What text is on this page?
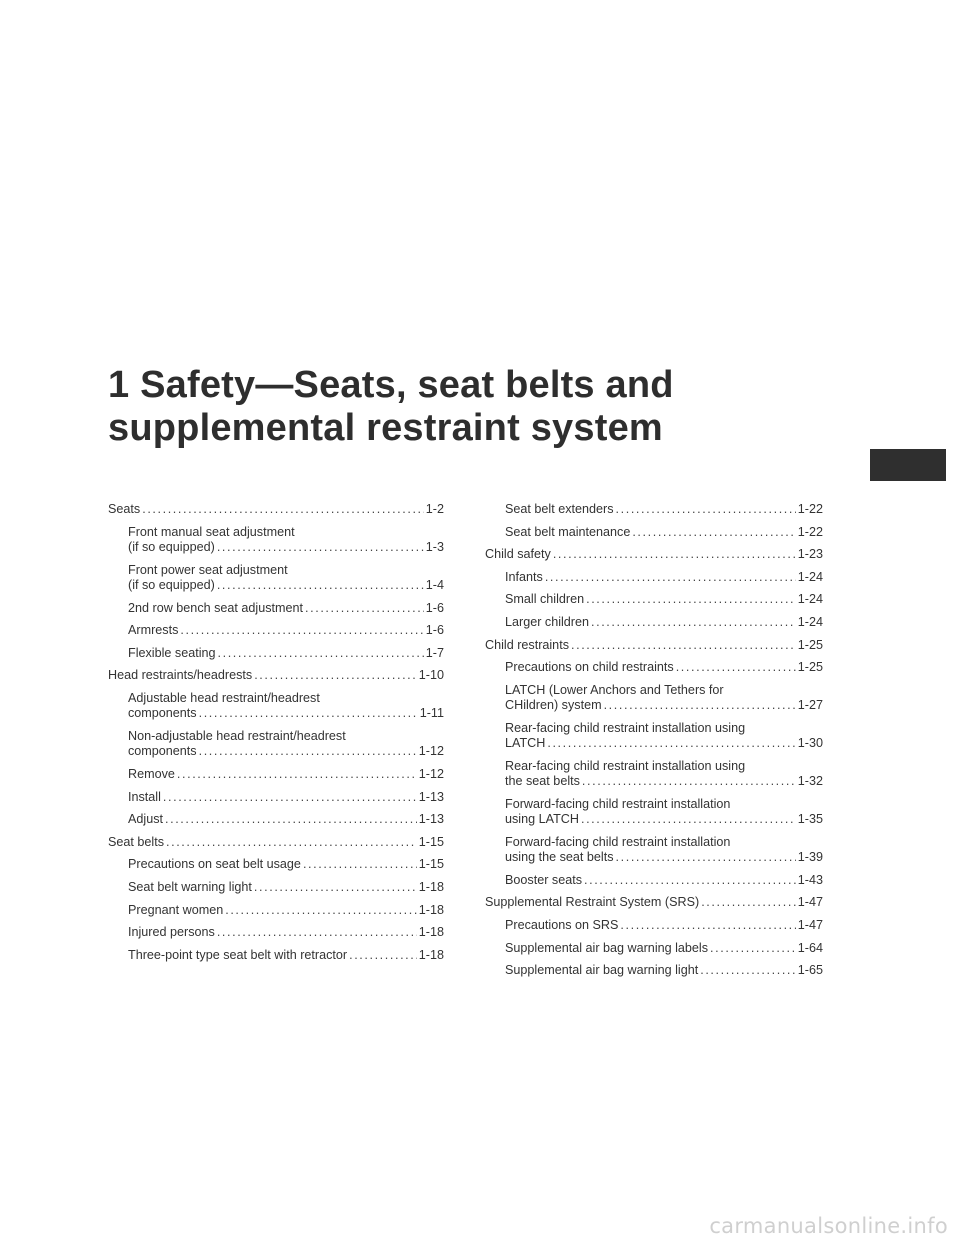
1 Safety—Seats, seat belts and
supplemental restraint system
Seats .....	1-2
Front manual seat adjustment
(if so equipped) .....	1-3
Front power seat adjustment
(if so equipped) .....	1-4
2nd row bench seat adjustment .....	1-6
Armrests .....	1-6
Flexible seating .....	1-7
Head restraints/headrests .....	1-10
Adjustable head restraint/headrest
components .....	1-11
Non-adjustable head restraint/headrest
components .....	1-12
Remove .....	1-12
Install .....	1-13
Adjust .....	1-13
Seat belts .....	1-15
Precautions on seat belt usage .....	1-15
Seat belt warning light .....	1-18
Pregnant women .....	1-18
Injured persons .....	1-18
Three-point type seat belt with retractor .....	1-18
Seat belt extenders .....	1-22
Seat belt maintenance .....	1-22
Child safety .....	1-23
Infants .....	1-24
Small children .....	1-24
Larger children .....	1-24
Child restraints .....	1-25
Precautions on child restraints .....	1-25
LATCH (Lower Anchors and Tethers for
CHildren) system .....	1-27
Rear-facing child restraint installation using
LATCH .....	1-30
Rear-facing child restraint installation using
the seat belts .....	1-32
Forward-facing child restraint installation
using LATCH .....	1-35
Forward-facing child restraint installation
using the seat belts .....	1-39
Booster seats .....	1-43
Supplemental Restraint System (SRS) .....	1-47
Precautions on SRS .....	1-47
Supplemental air bag warning labels .....	1-64
Supplemental air bag warning light .....	1-65
carmanualsonline.info
